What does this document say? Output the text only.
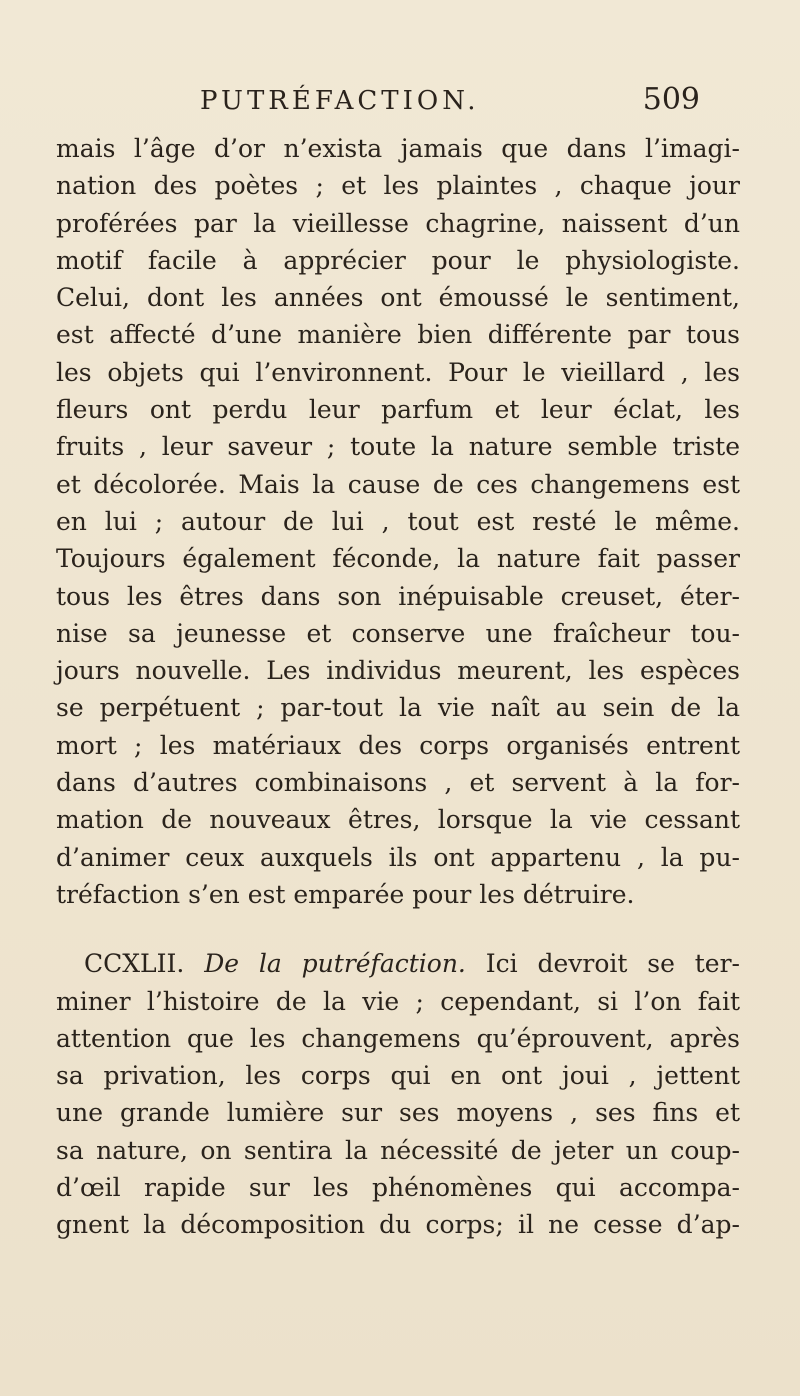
PUTRÉFACTION.	509
mais l’âge d’or n’exista jamais que dans l’imagi-
nation des poètes ; et les plaintes , chaque jour
proférées par la vieillesse chagrine, naissent d’un
motif facile à apprécier pour le physiologiste.
Celui, dont les années ont émoussé le sentiment,
est affecté d’une manière bien différente par tous
les objets qui l’environnent. Pour le vieillard , les
fleurs ont perdu leur parfum et leur éclat, les
fruits , leur saveur ; toute la nature semble triste
et décolorée. Mais la cause de ces changemens est
en lui ; autour de lui , tout est resté le même.
Toujours également féconde, la nature fait passer
tous les êtres dans son inépuisable creuset, éter-
nise sa jeunesse et conserve une fraîcheur tou-
jours nouvelle. Les individus meurent, les espèces
se perpétuent ; par-tout la vie naît au sein de la
mort ; les matériaux des corps organisés entrent
dans d’autres combinaisons , et servent à la for-
mation de nouveaux êtres, lorsque la vie cessant
d’animer ceux auxquels ils ont appartenu , la pu-
tréfaction s’en est emparée pour les détruire.
CCXLII. De la putréfaction. Ici devroit se ter-
miner l’histoire de la vie ; cependant, si l’on fait
attention que les changemens qu’éprouvent, après
sa privation, les corps qui en ont joui , jettent
une grande lumière sur ses moyens , ses fins et
sa nature, on sentira la nécessité de jeter un coup-
d’œil rapide sur les phénomènes qui accompa-
gnent la décomposition du corps; il ne cesse d’ap-
